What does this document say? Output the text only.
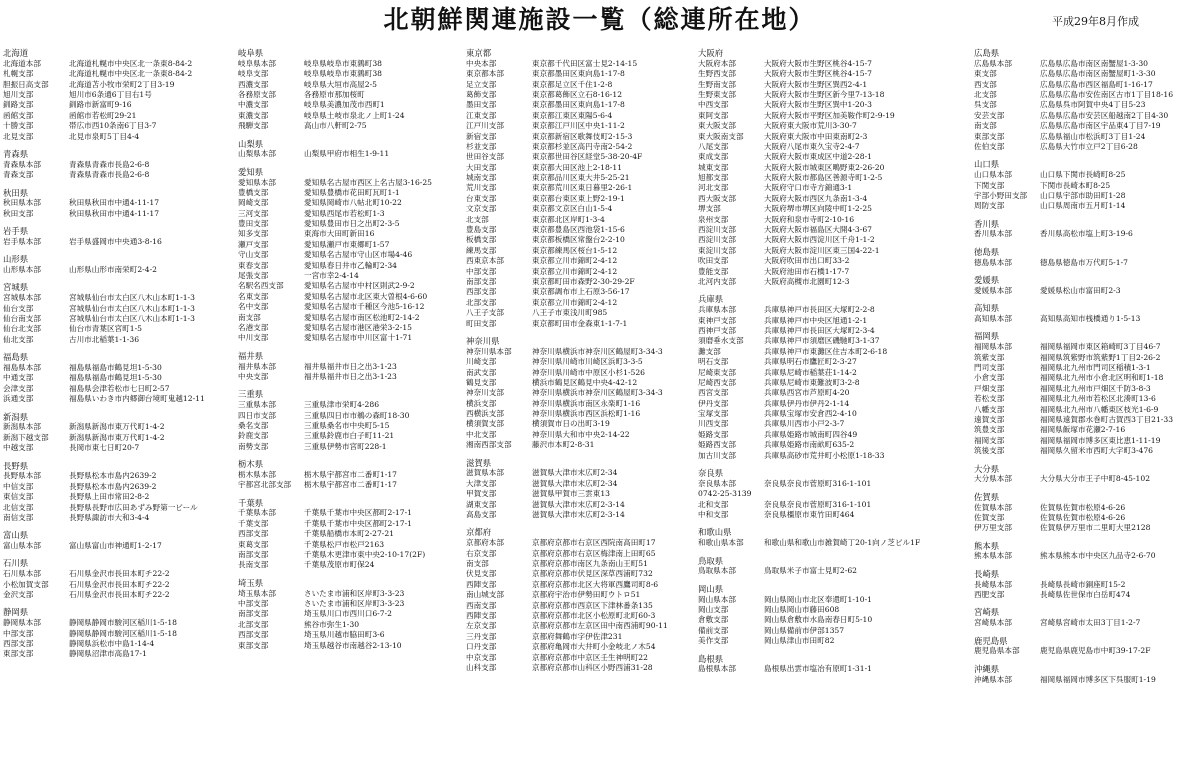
北朝鮮関連施設一覧（総連所在地）	平成29年8月作成
北海道
北海道本部	北海道札幌市中央区北一条東8-84-2
札幌支部	北海道札幌市中央区北一条東8-84-2
胆振日高支部	北海道苫小牧市栄町2丁目3-19
旭川支部	旭川市6条通6丁目右1号
釧路支部	釧路市新富町9-16
函館支部	函館市若松町29-21
十勝支部	帯広市西10条南6丁目3-7
北見支部	北見市泉町5丁目4-4
青森県
青森県本部	青森県青森市長島2-6-8
青森支部	青森県青森市長島2-6-8
秋田県
秋田県本部	秋田県秋田市中通4-11-17
秋田支部	秋田県秋田市中通4-11-17
岩手県
岩手県本部	岩手県盛岡市中央通3-8-16
山形県
山形県本部	山形県山形市南栄町2-4-2
宮城県
宮城県本部	宮城県仙台市太白区八木山本町1-1-3
仙台支部	宮城県仙台市太白区八木山本町1-1-3
仙台南支部	宮城県仙台市太白区八木山本町1-1-3
仙台北支部	仙台市青葉区宮町1-5
仙北支部	古川市北稲葉1-1-36
福島県
福島県本部	福島県福島市鶴見坦1-5-30
中通支部	福島県福島市鶴見坦1-5-30
会津支部	福島県会津若松市七日町2-57
浜通支部	福島県いわき市内郷御台境町鬼越12-11
新潟県
新潟県本部	新潟県新潟市東万代町1-4-2
新潟下越支部	新潟県新潟市東万代町1-4-2
中越支部	長岡市東七日町20-7
長野県
長野県本部	長野県松本市島内2639-2
中信支部	長野県松本市島内2639-2
東信支部	長野県上田市常田2-8-2
北信支部	長野県長野市広田あずみ野第一ビール
南信支部	長野県諏訪市大和3-4-4
富山県
富山県本部	富山県富山市神通町1-2-17
石川県
石川県本部	石川県金沢市長田本町チ22-2
小松加賀支部	石川県金沢市長田本町チ22-2
金沢支部	石川県金沢市長田本町チ22-2
静岡県
静岡県本部	静岡県静岡市駿河区稲川1-5-18
中部支部	静岡県静岡市駿河区稲川1-5-18
西部支部	静岡県浜松市中島1-14-4
東部支部	静岡県沼津市高島17-1
岐阜県
岐阜県本部	岐阜県岐阜市東鶉町38
岐阜支部	岐阜県岐阜市東鶉町38
西濃支部	岐阜県大垣市高屋2-5
各務原支部	各務原市那加桜町
中濃支部	岐阜県美濃加茂市西町1
東濃支部	岐阜県土岐市泉北ノ上町1-24
飛騨支部	高山市八軒町2-75
山梨県
山梨県本部	山梨県甲府市相生1-9-11
愛知県
愛知県本部	愛知県名古屋市西区上名古屋3-16-25
豊橋支部	愛知県豊橋市花田町瓦町1-1
岡崎支部	愛知県岡崎市八帖北町10-22
三河支部	愛知県西尾市若松町1-3
豊田支部	愛知県豊田市日之出町2-3-5
知多支部	東海市大田町新田16
瀬戸支部	愛知県瀬戸市東郷町1-57
守山支部	愛知県名古屋市守山区市場4-46
東春支部	愛知県春日井市乙輪町2-34
尾張支部	一宮市幸2-4-14
名駅名西支部	愛知県名古屋市中村区則武2-9-2
名東支部	愛知県名古屋市北区東大曽根4-6-60
名中支部	愛知県名古屋市千種区今池5-16-12
南支部	愛知県名古屋市南区松池町2-14-2
名港支部	愛知県名古屋市港区港栄3-2-15
中川支部	愛知県名古屋市中川区富十1-71
福井県
福井県本部	福井県福井市日之出3-1-23
中央支部	福井県福井市日之出3-1-23
三重県
三重県本部	三重県津市栄町4-286
四日市支部	三重県四日市市鵜の森町18-30
桑名支部	三重県桑名市中央町5-15
鈴鹿支部	三重県鈴鹿市白子町11-21
南勢支部	三重県伊勢市宮町228-1
栃木県
栃木県本部	栃木県宇都宮市二番町1-17
宇都宮北部支部	栃木県宇都宮市二番町1-17
千葉県
千葉県本部	千葉県千葉市中央区都町2-17-1
千葉支部	千葉県千葉市中央区都町2-17-1
西部支部	千葉県船橋市本町2-27-21
東葛支部	千葉県松戸市松戸2163
南部支部	千葉県木更津市東中央2-10-17(2F)
長南支部	千葉県茂原市町保24
埼玉県
埼玉県本部	さいたま市浦和区岸町3-3-23
中部支部	さいたま市浦和区岸町3-3-23
南部支部	埼玉県川口市西川口6-7-2
北部支部	熊谷市弥生1-30
西部支部	埼玉県川越市脇田町3-6
東部支部	埼玉県越谷市南越谷2-13-10
東京都
中央本部	東京都千代田区富士見2-14-15
東京都本部	東京都墨田区東向島1-17-8
足立支部	東京都足立区千住1-2-8
葛飾支部	東京都葛飾区立石8-16-12
墨田支部	東京都墨田区東向島1-17-8
江東支部	東京都江東区東陽5-6-4
江戸川支部	東京都江戸川区中央1-11-2
新宿支部	東京都新宿区歌舞伎町2-15-3
杉並支部	東京都杉並区高円寺南2-54-2
世田谷支部	東京都世田谷区経堂5-38-20-4F
大田支部	東京都大田区池上2-18-11
城南支部	東京都品川区東大井5-25-21
荒川支部	東京都荒川区東日暮里2-26-1
台東支部	東京都台東区東上野2-19-1
文京支部	東京都文京区白山1-5-4
北支部	東京都北区岸町1-3-4
豊島支部	東京都豊島区西池袋1-15-6
板橋支部	東京都板橋区常盤台2-2-10
練馬支部	東京都練馬区桜台1-5-12
西東京本部	東京都立川市錦町2-4-12
中部支部	東京都立川市錦町2-4-12
南部支部	東京都町田市森野2-30-29-2F
西部支部	東京都調布市上石原3-56-17
北部支部	東京都立川市錦町2-4-12
八王子支部	八王子市東浅川町985
町田支部	東京都町田市金森東1-1-7-1
神奈川県
神奈川県本部	神奈川県横浜市神奈川区鶴屋町3-34-3
川崎支部	神奈川県川崎市川崎区浜町3-3-5
南武支部	神奈川県川崎市中原区小杉1-526
鶴見支部	横浜市鶴見区鶴見中央4-42-12
神奈川支部	神奈川県横浜市神奈川区鶴屋町3-34-3
横浜支部	神奈川県横浜市南区永楽町1-16
西横浜支部	神奈川県横浜市西区浜松町1-16
横須賀支部	横須賀市日の出町3-19
中北支部	神奈川県大和市中央2-14-22
湘南西部支部	藤沢市本町2-8-31
滋賀県
滋賀県本部	滋賀県大津市末広町2-34
大津支部	滋賀県大津市末広町2-34
甲賀支部	滋賀県甲賀市三雲東13
湖東支部	滋賀県大津市末広町2-3-14
高島支部	滋賀県大津市末広町2-3-14
京都府
京都府本部	京都府京都市右京区西院南高田町17
右京支部	京都府京都市右京区梅津南上田町65
南支部	京都府京都市南区九条南山王町51
伏見支部	京都府京都市伏見区深草西浦町732
西陣支部	京都府京都市北区大将軍西鷹司町8-6
南山城支部	京都府宇治市伊勢田町ウトロ51
西南支部	京都府京都市西京区下津林番条135
西陣支部	京都府京都市北区小松原町北町60-3
左京支部	京都府京都市左京区田中南西浦町90-11
三丹支部	京都府舞鶴市字伊佐津231
口丹支部	京都府亀岡市大井町小金岐北ノ木54
中京支部	京都府京都市中京区壬生神明町22
山科支部	京都府京都市山科区小野西浦31-28
大阪府
大阪府本部	大阪府大阪市生野区桃谷4-15-7
生野西支部	大阪府大阪市生野区桃谷4-15-7
生野南支部	大阪府大阪市生野区巽西2-4-1
生野東支部	大阪府大阪市生野区新今里7-13-18
中西支部	大阪府大阪市生野区巽中1-20-3
東阿支部	大阪府大阪市平野区加美鞍作町2-9-19
東大阪支部	大阪府東大阪市荒川3-30-7
東大阪南支部	大阪府東大阪市中田東南町2-3
八尾支部	大阪府八尾市東久宝寺2-4-7
東成支部	大阪府大阪市東成区中道2-28-1
城東支部	大阪府大阪市城東区鴫野東2-26-20
旭都支部	大阪府大阪市都島区善源寺町1-2-5
河北支部	大阪府守口市寺方錦通3-1
西大阪支部	大阪府大阪市西区九条南1-3-4
堺支部	大阪府堺市堺区向陵中町1-2-25
泉州支部	大阪府和泉市寺町2-10-16
西淀川支部	大阪府大阪市福島区大開4-3-67
西淀川支部	大阪府大阪市西淀川区千舟1-1-2
東淀川支部	大阪府大阪市淀川区東三国4-22-1
吹田支部	大阪府吹田市出口町33-2
豊能支部	大阪府池田市石橋1-17-7
北河内支部	大阪府高槻市北園町12-3
兵庫県
兵庫県本部	兵庫県神戸市長田区大塚町2-2-8
東神戸支部	兵庫県神戸市中央区旭通1-2-1
西神戸支部	兵庫県神戸市長田区大塚町2-3-4
須磨垂水支部	兵庫県神戸市須磨区磯馳町3-1-37
灘支部	兵庫県神戸市東灘区住吉本町2-6-18
明石支部	兵庫県明石市鷹匠町2-3-27
尼崎東支部	兵庫県尼崎市稲葉荘1-14-2
尼崎西支部	兵庫県尼崎市東難波町3-2-8
西宮支部	兵庫県西宮市芦原町4-20
伊丹支部	兵庫県伊丹市伊丹2-1-14
宝塚支部	兵庫県宝塚市安倉西2-4-10
川西支部	兵庫県川西市小戸2-3-7
姫路支部	兵庫県姫路市城南町四谷49
姫路西支部	兵庫県姫路市南畝町635-2
加古川支部	兵庫県高砂市荒井町小松原1-18-33
奈良県
奈良県本部	奈良県奈良市菅原町316-1-101
0742-25-3139
北和支部	奈良県奈良市菅原町316-1-101
中和支部	奈良県橿原市東竹田町464
和歌山県
和歌山県本部	和歌山県和歌山市雑賀崎丁20-1向ノ芝ビル1F
鳥取県
鳥取県本部	鳥取県米子市富士見町2-62
岡山県
岡山県本部	岡山県岡山市北区奉還町1-10-1
岡山支部	岡山県岡山市藤田608
倉敷支部	岡山県倉敷市水島南春日町5-10
備前支部	岡山県備前市伊部1357
美作支部	岡山県津山市田町82
島根県
島根県本部	島根県出雲市塩冶有原町1-31-1
広島県
広島県本部	広島県広島市南区南蟹屋1-3-30
東支部	広島県広島市南区南蟹屋町1-3-30
西支部	広島県広島市西区福島町1-16-17
北支部	広島県広島市安佐南区古市1丁目18-16
呉支部	広島県呉市阿賀中央4丁目5-23
安芸支部	広島県広島市安芸区船越南2丁目4-30
南支部	広島県広島市南区宇品東4丁目7-19
東部支部	広島県福山市松浜町3丁目1-24
佐伯支部	広島県大竹市立戸2丁目6-28
山口県
山口県本部	山口県下関市長崎町8-25
下関支部	下関市長崎本町8-25
宇部小野田支部	山口県宇部市助田町1-28
周防支部	山口県周南市五月町1-14
香川県
香川県本部	香川県高松市塩上町3-19-6
徳島県
徳島県本部	徳島県徳島市万代町5-1-7
愛媛県
愛媛県本部	愛媛県松山市富田町2-3
高知県
高知県本部	高知県高知市桟橋通り1-5-13
福岡県
福岡県本部	福岡県福岡市東区箱崎町3丁目46-7
筑紫支部	福岡県筑紫野市筑紫野1丁目2-26-2
門司支部	福岡県北九州市門司区稲積1-3-1
小倉支部	福岡県北九州市小倉北区明和町1-18
戸畑支部	福岡県北九州市戸畑区千防3-8-3
若松支部	福岡県北九州市若松区北湊町13-6
八幡支部	福岡県北九州市八幡東区枝光1-6-9
遠賀支部	福岡県遠賀郡水巻町古賀西3丁目21-33
筑豊支部	福岡県飯塚市花瀬2-7-16
福岡支部	福岡県福岡市博多区東比恵1-11-19
筑後支部	福岡県久留米市西町大字町3-476
大分県
大分県本部	大分県大分市王子中町8-45-102
佐賀県
佐賀県本部	佐賀県佐賀市松原4-6-26
佐賀支部	佐賀県佐賀市松原4-6-26
伊万里支部	佐賀県伊万里市二里町大里2128
熊本県
熊本県本部	熊本県熊本市中央区九品寺2-6-70
長崎県
長崎県本部	長崎県長崎市銅座町15-2
西肥支部	長崎県佐世保市白岳町474
宮崎県
宮崎県本部	宮崎県宮崎市太田3丁目1-2-7
鹿児島県
鹿児島県本部	鹿児島県鹿児島市中町39-17-2F
沖縄県
沖縄県本部	福岡県福岡市博多区下呉服町1-19
